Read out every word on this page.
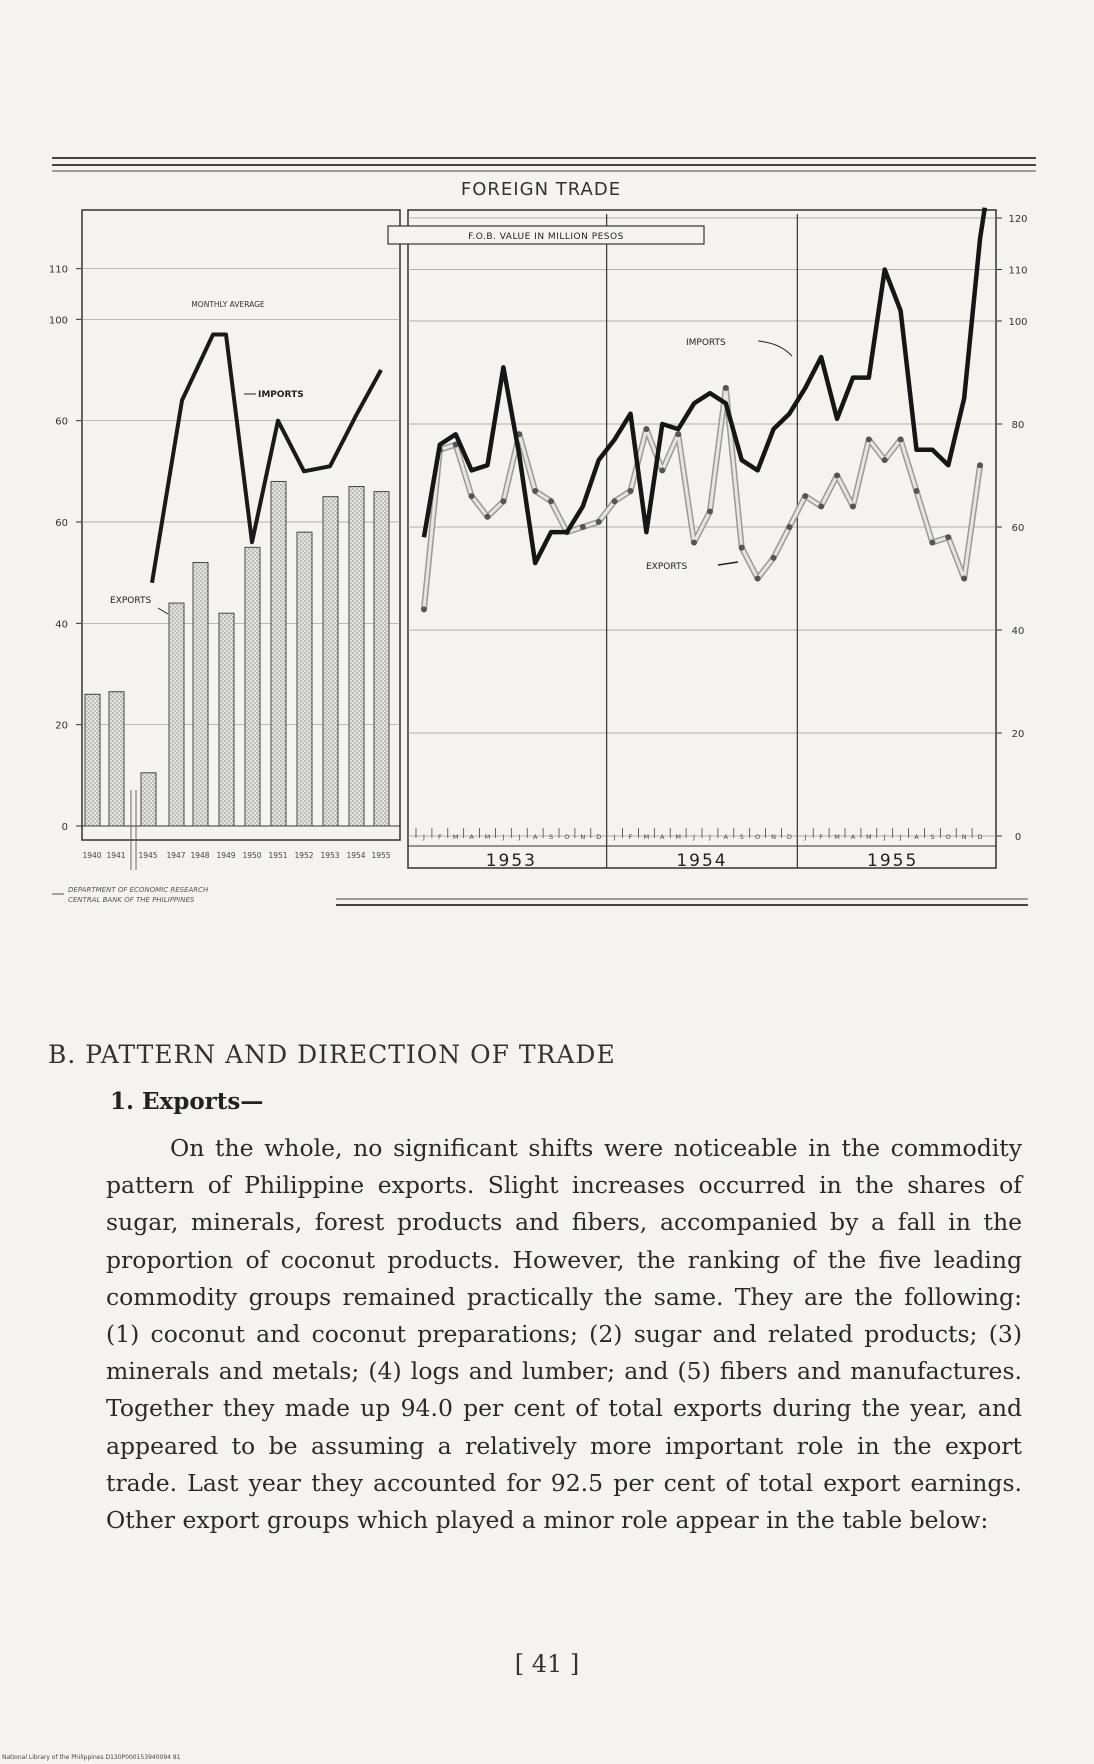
FOREIGN TRADE
0
20
40
60
60
100
110
1940 1941 1945 1947 1948 1949 1950 1951 1952 1953 1954 1955
MONTHLY AVERAGE
IMPORTS
EXPORTS
0
20
40
60
80
100
110
120
J F M A M J J A S O N D J F M A M J J A S O N D J F M A M J J A S O N D
1953	1954	1955
F.O.B. VALUE IN MILLION PESOS
IMPORTS
EXPORTS
DEPARTMENT OF ECONOMIC RESEARCH
CENTRAL BANK OF THE PHILIPPINES
B. PATTERN AND DIRECTION OF TRADE
1. Exports—

On the whole, no significant shifts were noticeable in the commodity pattern of Philippine exports. Slight increases occurred in the shares of sugar, minerals, forest products and fibers, accompanied by a fall in the proportion of coconut products. However, the ranking of the five leading commodity groups remained practically the same. They are the following: (1) coconut and coconut preparations; (2) sugar and related products; (3) minerals and metals; (4) logs and lumber; and (5) fibers and manufactures. Together they made up 94.0 per cent of total exports during the year, and appeared to be assuming a relatively more important role in the export trade. Last year they accounted for 92.5 per cent of total export earnings. Other export groups which played a minor role appear in the table below:

[ 41 ]
National Library of the Philippines D130P000153940094 81
